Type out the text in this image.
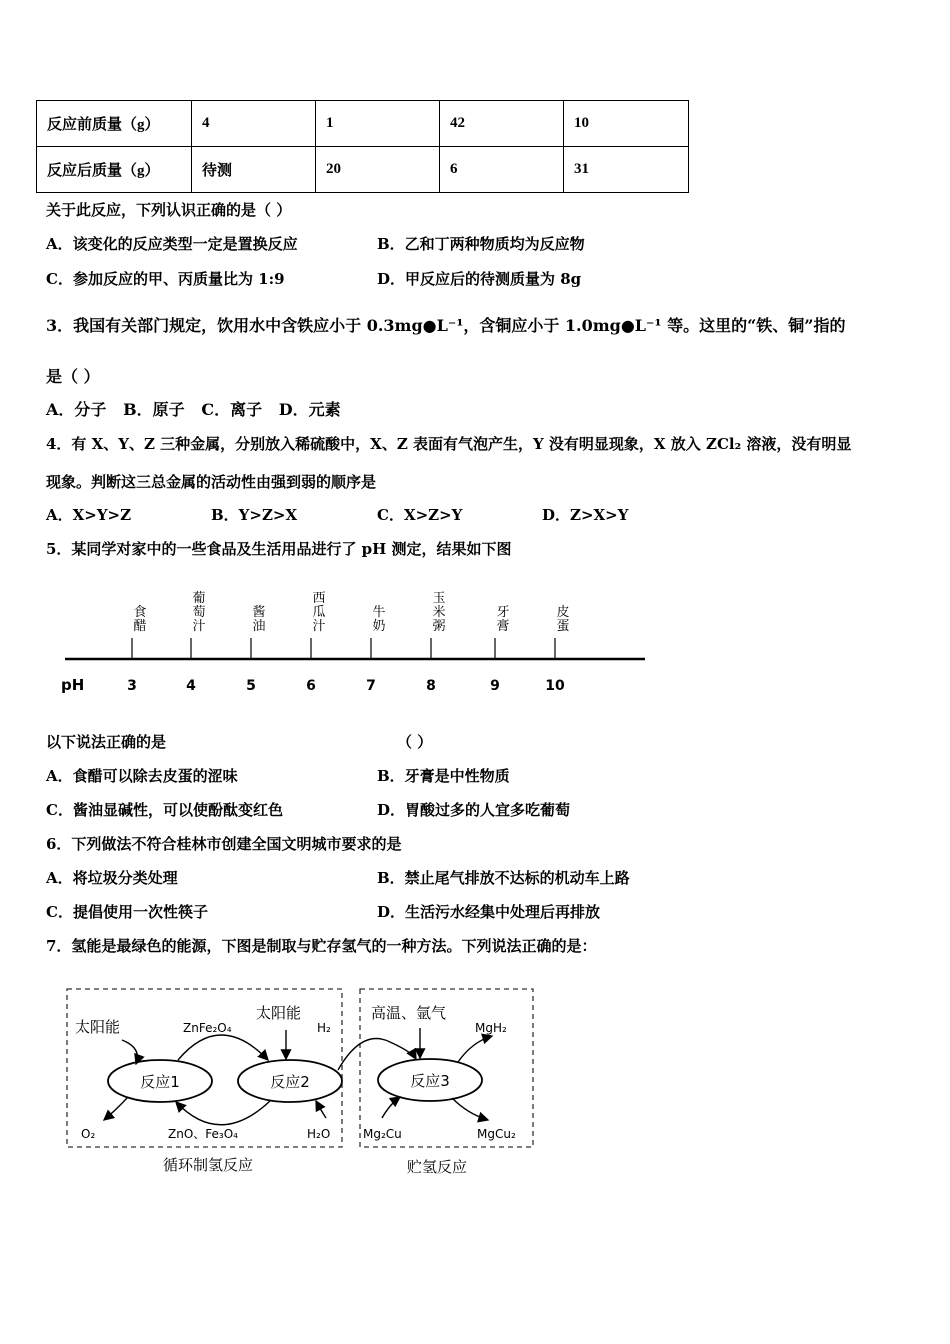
反应前质量（g）	4	1	42	10
反应后质量（g）	待测	20	6	31
关于此反应，下列认识正确的是（ ）
A．该变化的反应类型一定是置换反应	B．乙和丁两种物质均为反应物
C．参加反应的甲、丙质量比为 1:9	D．甲反应后的待测质量为 8g
3．我国有关部门规定，饮用水中含铁应小于 0.3mg●L⁻¹，含铜应小于 1.0mg●L⁻¹ 等。这里的“铁、铜”指的
是（ ）
A．分子   B．原子   C．离子   D．元素
4．有 X、Y、Z 三种金属，分别放入稀硫酸中，X、Z 表面有气泡产生，Y 没有明显现象，X 放入 ZCl₂ 溶液，没有明显
现象。判断这三总金属的活动性由强到弱的顺序是
A．X>Y>Z	B．Y>Z>X	C．X>Z>Y	D．Z>X>Y
5．某同学对家中的一些食品及生活用品进行了 pH 测定，结果如下图
pH	3
食醋
4
葡萄汁
5
酱油
6
西瓜汁
7
牛奶
8
玉米粥
9
牙膏
10
皮蛋
以下说法正确的是	（ ）
A．食醋可以除去皮蛋的涩味	B．牙膏是中性物质
C．酱油显碱性，可以使酚酞变红色	D．胃酸过多的人宜多吃葡萄
6．下列做法不符合桂林市创建全国文明城市要求的是
A．将垃圾分类处理	B．禁止尾气排放不达标的机动车上路
C．提倡使用一次性筷子	D．生活污水经集中处理后再排放
7．氢能是最绿色的能源，下图是制取与贮存氢气的一种方法。下列说法正确的是：
太阳能	ZnFe₂O₄
太阳能
H₂
高温、氩气
MgH₂
反应1	反应2	反应3
O₂	ZnO、Fe₃O₄	H₂O	Mg₂Cu	MgCu₂
循环制氢反应	贮氢反应
